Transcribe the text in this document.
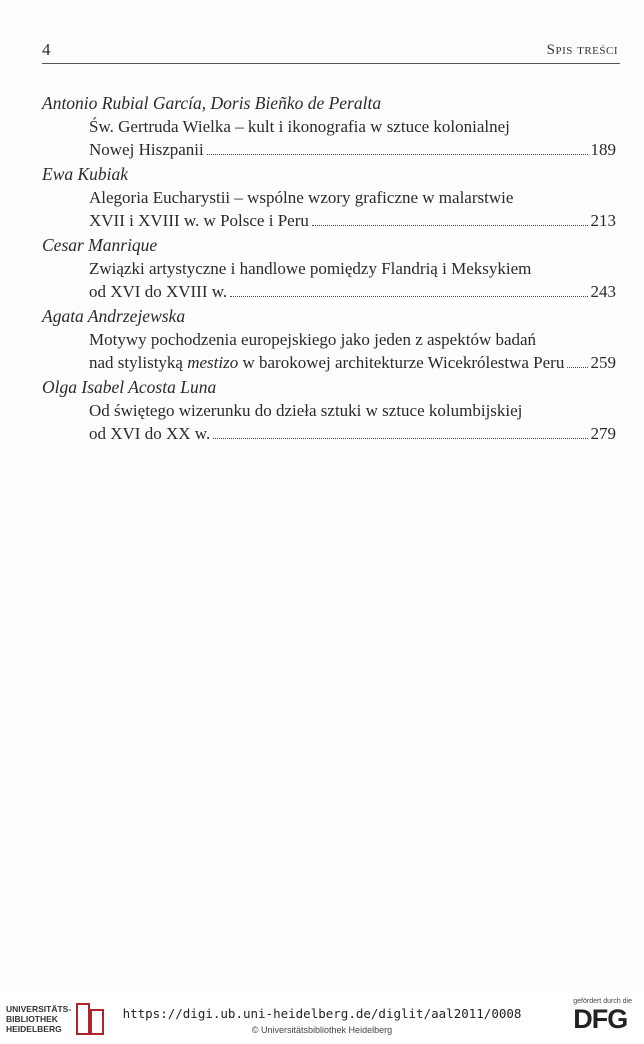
4	Spis treści
Antonio Rubial García, Doris Bieñko de Peralta
Św. Gertruda Wielka – kult i ikonografia w sztuce kolonialnej
Nowej Hiszpanii	189
Ewa Kubiak
Alegoria Eucharystii – wspólne wzory graficzne w malarstwie
XVII i XVIII w. w Polsce i Peru	213
Cesar Manrique
Związki artystyczne i handlowe pomiędzy Flandrią i Meksykiem
od XVI do XVIII w.	243
Agata Andrzejewska
Motywy pochodzenia europejskiego jako jeden z aspektów badań
nad stylistyką mestizo w barokowej architekturze Wicekrólestwa Peru 259
Olga Isabel Acosta Luna
Od świętego wizerunku do dzieła sztuki w sztuce kolumbijskiej
od XVI do XX w.	279
UNIVERSITÄTS-
BIBLIOTHEK
HEIDELBERG
https://digi.ub.uni-heidelberg.de/diglit/aal2011/0008
© Universitätsbibliothek Heidelberg
gefördert durch die
DFG
